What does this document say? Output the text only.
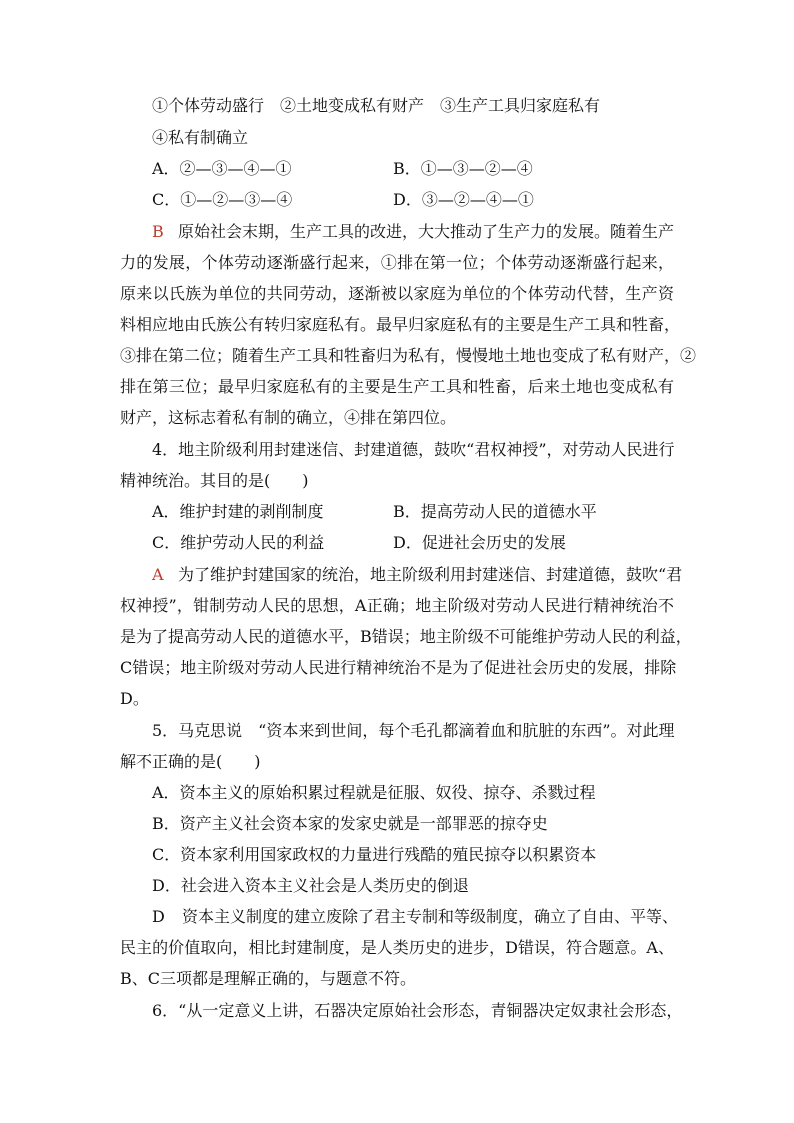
①个体劳动盛行　②土地变成私有财产　③生产工具归家庭私有
④私有制确立
A．②—③—④—①	B．①—③—②—④
C．①—②—③—④	D．③—②—④—①
B 原始社会末期，生产工具的改进，大大推动了生产力的发展。随着生产
力的发展，个体劳动逐渐盛行起来，①排在第一位；个体劳动逐渐盛行起来，
原来以氏族为单位的共同劳动，逐渐被以家庭为单位的个体劳动代替，生产资
料相应地由氏族公有转归家庭私有。最早归家庭私有的主要是生产工具和牲畜，
③排在第二位；随着生产工具和牲畜归为私有，慢慢地土地也变成了私有财产，②
排在第三位；最早归家庭私有的主要是生产工具和牲畜，后来土地也变成私有
财产，这标志着私有制的确立，④排在第四位。
4．地主阶级利用封建迷信、封建道德，鼓吹“君权神授”，对劳动人民进行
精神统治。其目的是(　　)
A．维护封建的剥削制度	B．提高劳动人民的道德水平
C．维护劳动人民的利益	D．促进社会历史的发展
A 为了维护封建国家的统治，地主阶级利用封建迷信、封建道德，鼓吹“君
权神授”，钳制劳动人民的思想，A正确；地主阶级对劳动人民进行精神统治不
是为了提高劳动人民的道德水平，B错误；地主阶级不可能维护劳动人民的利益，
C错误；地主阶级对劳动人民进行精神统治不是为了促进社会历史的发展，排除
D。
5．马克思说　“资本来到世间，每个毛孔都滴着血和肮脏的东西”。对此理
解不正确的是(　　)
A．资本主义的原始积累过程就是征服、奴役、掠夺、杀戮过程
B．资产主义社会资本家的发家史就是一部罪恶的掠夺史
C．资本家利用国家政权的力量进行残酷的殖民掠夺以积累资本
D．社会进入资本主义社会是人类历史的倒退
D 资本主义制度的建立废除了君主专制和等级制度，确立了自由、平等、
民主的价值取向，相比封建制度，是人类历史的进步，D错误，符合题意。A、
B、C三项都是理解正确的，与题意不符。
6．“从一定意义上讲，石器决定原始社会形态，青铜器决定奴隶社会形态，
